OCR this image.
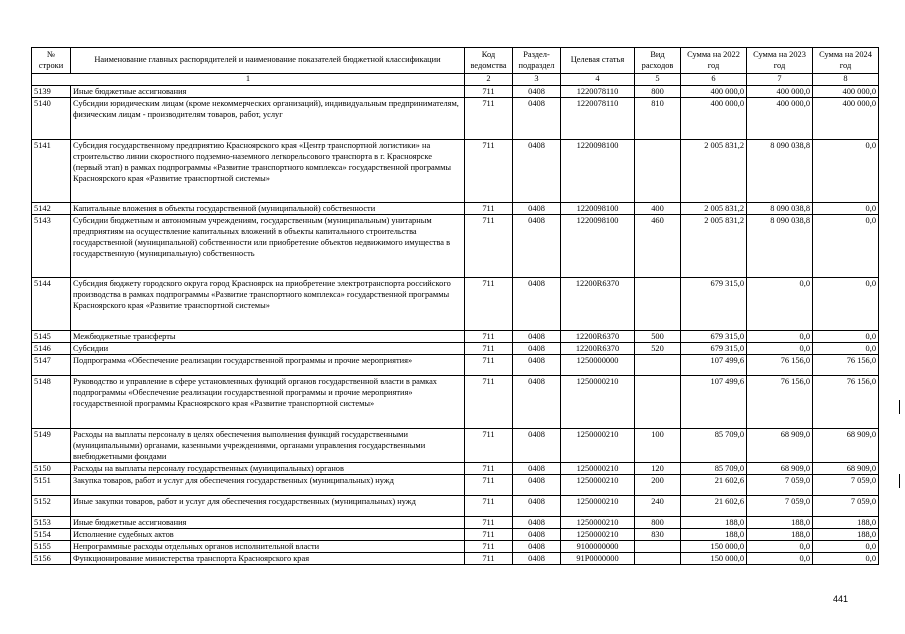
№ строки	Наименование главных распорядителей и наименование показателей бюджетной классификации	Код ведомства	Раздел-подраздел	Целевая статья	Вид расходов	Сумма на 2022 год	Сумма на 2023 год	Сумма на 2024 год
1		2	3	4	5	6	7	8
5139	Иные бюджетные ассигнования	711	0408	1220078110	800	400 000,0	400 000,0	400 000,0
5140	Субсидии юридическим лицам (кроме некоммерческих организаций), индивидуальным предпринимателям, физическим лицам - производителям товаров, работ, услуг	711	0408	1220078110	810	400 000,0	400 000,0	400 000,0
5141	Субсидия государственному предприятию Красноярского края «Центр транспортной логистики» на строительство линии скоростного подземно-наземного легкорельсового транспорта в г. Красноярске (первый этап) в рамках подпрограммы «Развитие транспортного комплекса» государственной программы Красноярского края «Развитие транспортной системы»	711	0408	1220098100		2 005 831,2	8 090 038,8	0,0
5142	Капитальные вложения в объекты государственной (муниципальной) собственности	711	0408	1220098100	400	2 005 831,2	8 090 038,8	0,0
5143	Субсидии бюджетным и автономным учреждениям, государственным (муниципальным) унитарным предприятиям на осуществление капитальных вложений в объекты капитального строительства государственной (муниципальной) собственности или приобретение объектов недвижимого имущества в государственную (муниципальную) собственность	711	0408	1220098100	460	2 005 831,2	8 090 038,8	0,0
5144	Субсидия бюджету городского округа город Красноярск на приобретение электротранспорта российского производства в рамках подпрограммы «Развитие транспортного комплекса» государственной программы Красноярского края «Развитие транспортной системы»	711	0408	12200R6370		679 315,0	0,0	0,0
5145	Межбюджетные трансферты	711	0408	12200R6370	500	679 315,0	0,0	0,0
5146	Субсидии	711	0408	12200R6370	520	679 315,0	0,0	0,0
5147	Подпрограмма «Обеспечение реализации государственной программы и прочие мероприятия»	711	0408	1250000000		107 499,6	76 156,0	76 156,0
5148	Руководство и управление в сфере установленных функций органов государственной власти в рамках подпрограммы «Обеспечение реализации государственной программы и прочие мероприятия» государственной программы Красноярского края «Развитие транспортной системы»	711	0408	1250000210		107 499,6	76 156,0	76 156,0
5149	Расходы на выплаты персоналу в целях обеспечения выполнения функций государственными (муниципальными) органами, казенными учреждениями, органами управления государственными внебюджетными фондами	711	0408	1250000210	100	85 709,0	68 909,0	68 909,0
5150	Расходы на выплаты персоналу государственных (муниципальных) органов	711	0408	1250000210	120	85 709,0	68 909,0	68 909,0
5151	Закупка товаров, работ и услуг для обеспечения государственных (муниципальных) нужд	711	0408	1250000210	200	21 602,6	7 059,0	7 059,0
5152	Иные закупки товаров, работ и услуг для обеспечения государственных (муниципальных) нужд	711	0408	1250000210	240	21 602,6	7 059,0	7 059,0
5153	Иные бюджетные ассигнования	711	0408	1250000210	800	188,0	188,0	188,0
5154	Исполнение судебных актов	711	0408	1250000210	830	188,0	188,0	188,0
5155	Непрограммные расходы отдельных органов исполнительной власти	711	0408	9100000000		150 000,0	0,0	0,0
5156	Функционирование министерства транспорта Красноярского края	711	0408	91P0000000		150 000,0	0,0	0,0
441
